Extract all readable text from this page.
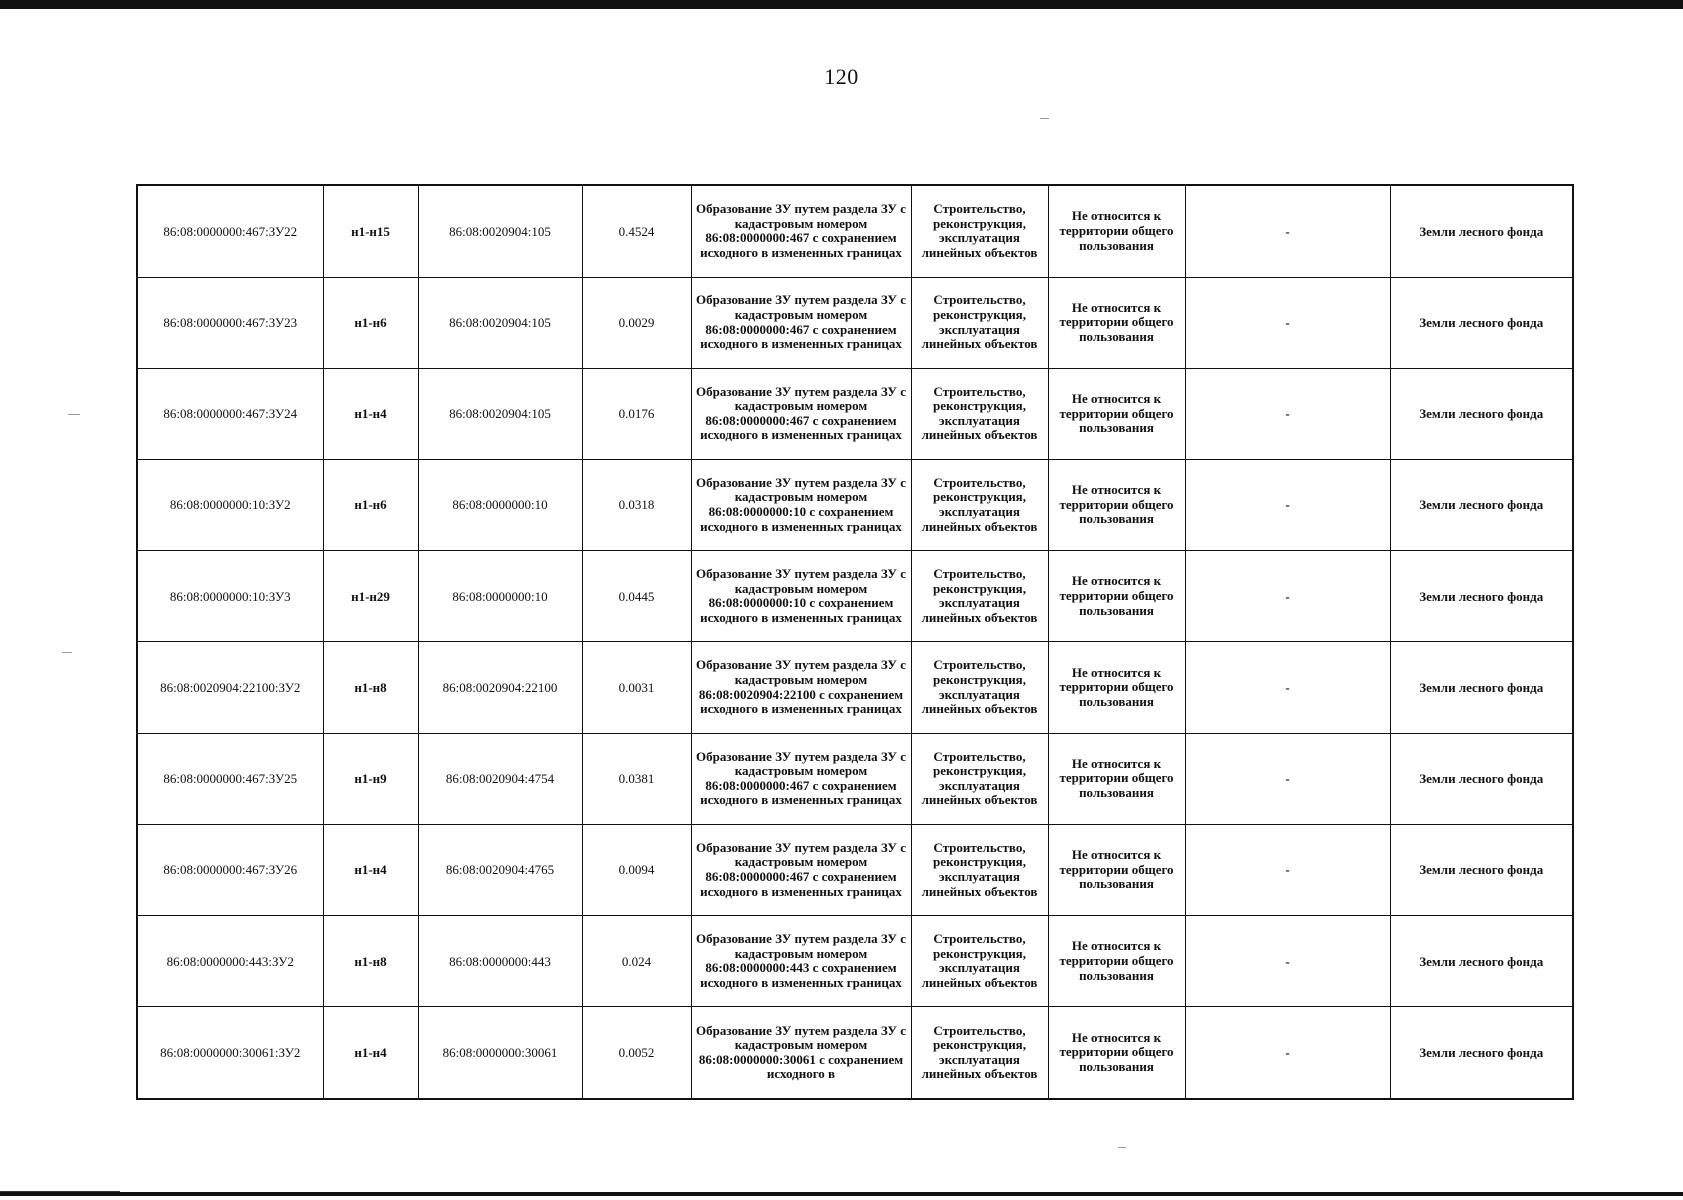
120
86:08:0000000:467:ЗУ22	н1-н15	86:08:0020904:105	0.4524	Образование ЗУ путем раздела ЗУ с кадастровым номером 86:08:0000000:467 с сохранением исходного в измененных границах	Строительство, реконструкция, эксплуатация линейных объектов	Не относится к территории общего пользования	-	Земли лесного фонда
86:08:0000000:467:ЗУ23	н1-н6	86:08:0020904:105	0.0029	Образование ЗУ путем раздела ЗУ с кадастровым номером 86:08:0000000:467 с сохранением исходного в измененных границах	Строительство, реконструкция, эксплуатация линейных объектов	Не относится к территории общего пользования	-	Земли лесного фонда
86:08:0000000:467:ЗУ24	н1-н4	86:08:0020904:105	0.0176	Образование ЗУ путем раздела ЗУ с кадастровым номером 86:08:0000000:467 с сохранением исходного в измененных границах	Строительство, реконструкция, эксплуатация линейных объектов	Не относится к территории общего пользования	-	Земли лесного фонда
86:08:0000000:10:ЗУ2	н1-н6	86:08:0000000:10	0.0318	Образование ЗУ путем раздела ЗУ с кадастровым номером 86:08:0000000:10 с сохранением исходного в измененных границах	Строительство, реконструкция, эксплуатация линейных объектов	Не относится к территории общего пользования	-	Земли лесного фонда
86:08:0000000:10:ЗУ3	н1-н29	86:08:0000000:10	0.0445	Образование ЗУ путем раздела ЗУ с кадастровым номером 86:08:0000000:10 с сохранением исходного в измененных границах	Строительство, реконструкция, эксплуатация линейных объектов	Не относится к территории общего пользования	-	Земли лесного фонда
86:08:0020904:22100:ЗУ2	н1-н8	86:08:0020904:22100	0.0031	Образование ЗУ путем раздела ЗУ с кадастровым номером 86:08:0020904:22100 с сохранением исходного в измененных границах	Строительство, реконструкция, эксплуатация линейных объектов	Не относится к территории общего пользования	-	Земли лесного фонда
86:08:0000000:467:ЗУ25	н1-н9	86:08:0020904:4754	0.0381	Образование ЗУ путем раздела ЗУ с кадастровым номером 86:08:0000000:467 с сохранением исходного в измененных границах	Строительство, реконструкция, эксплуатация линейных объектов	Не относится к территории общего пользования	-	Земли лесного фонда
86:08:0000000:467:ЗУ26	н1-н4	86:08:0020904:4765	0.0094	Образование ЗУ путем раздела ЗУ с кадастровым номером 86:08:0000000:467 с сохранением исходного в измененных границах	Строительство, реконструкция, эксплуатация линейных объектов	Не относится к территории общего пользования	-	Земли лесного фонда
86:08:0000000:443:ЗУ2	н1-н8	86:08:0000000:443	0.024	Образование ЗУ путем раздела ЗУ с кадастровым номером 86:08:0000000:443 с сохранением исходного в измененных границах	Строительство, реконструкция, эксплуатация линейных объектов	Не относится к территории общего пользования	-	Земли лесного фонда
86:08:0000000:30061:ЗУ2	н1-н4	86:08:0000000:30061	0.0052	Образование ЗУ путем раздела ЗУ с кадастровым номером 86:08:0000000:30061 с сохранением исходного в	Строительство, реконструкция, эксплуатация линейных объектов	Не относится к территории общего пользования	-	Земли лесного фонда
